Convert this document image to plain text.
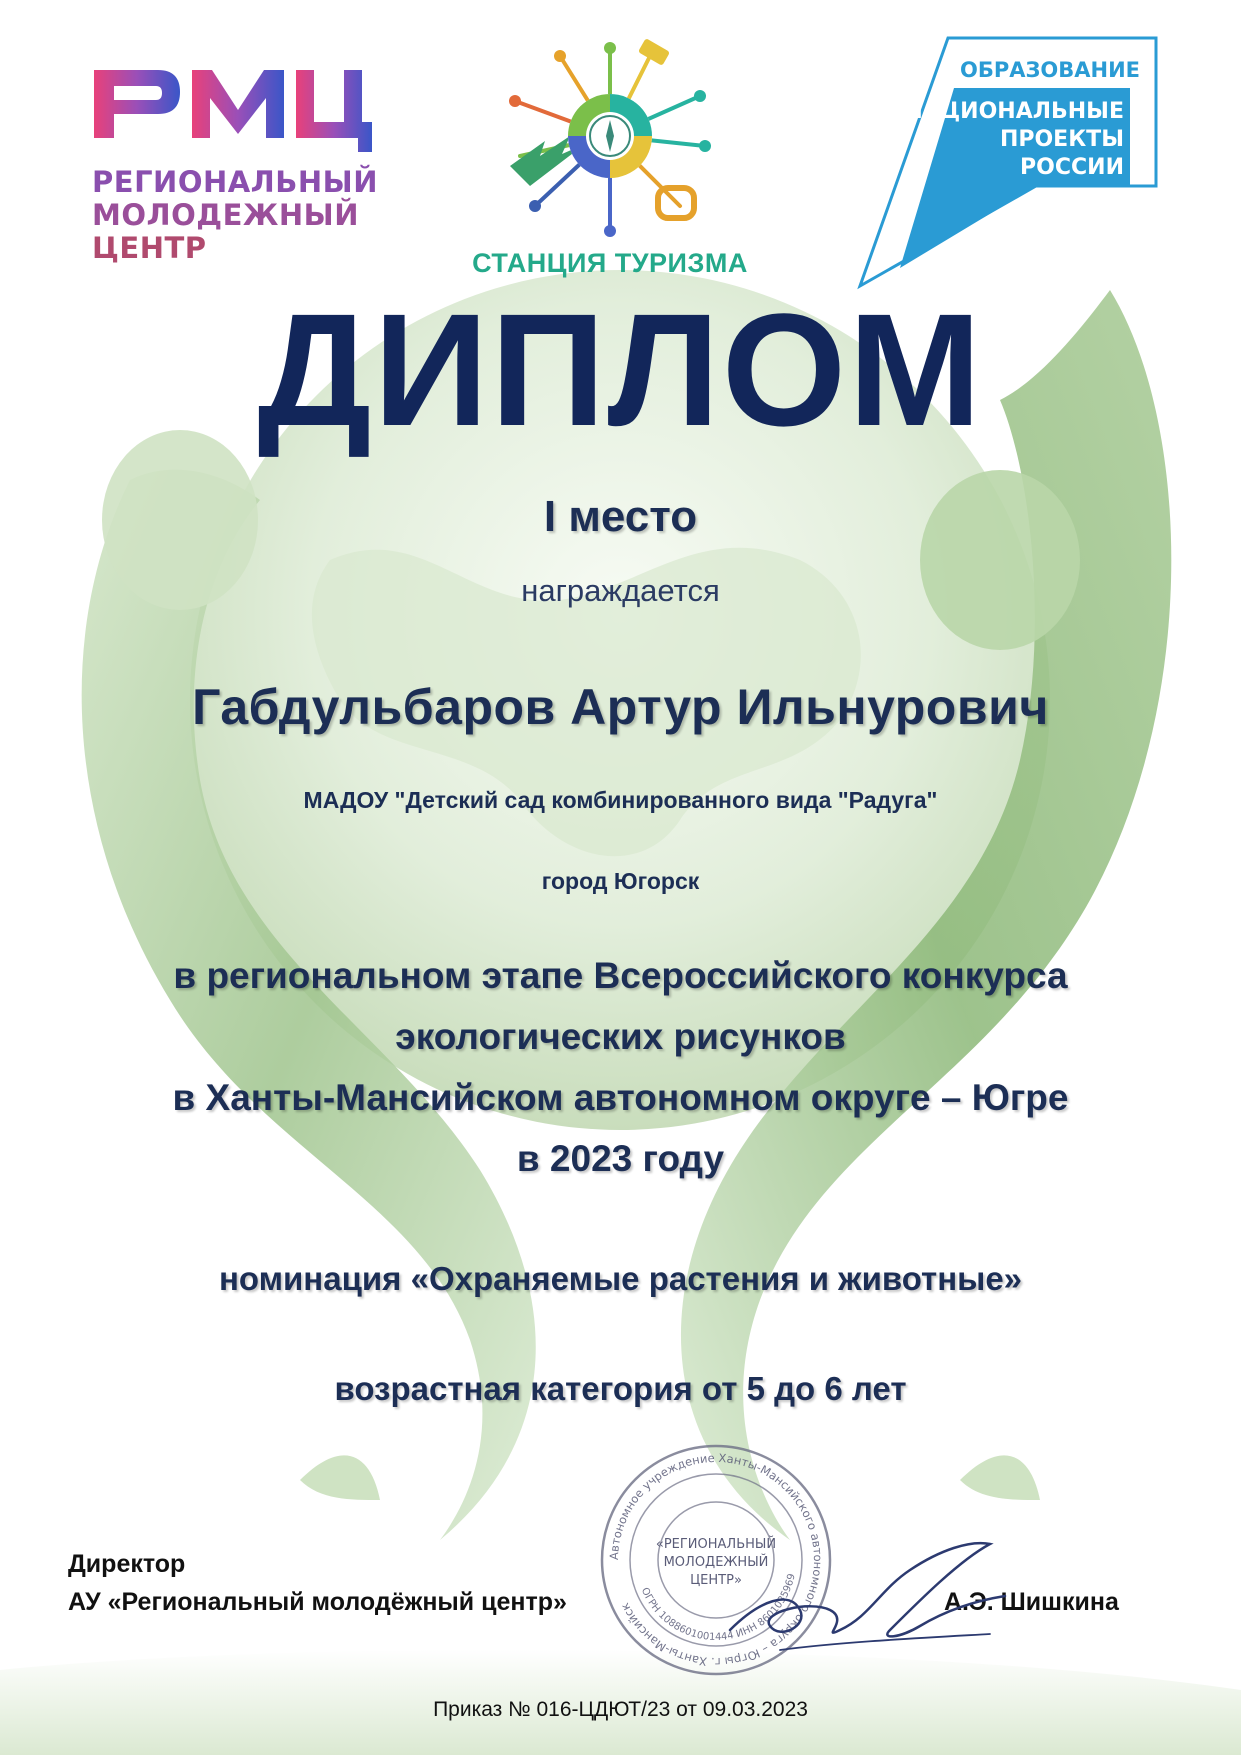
РЕГИОНАЛЬНЫЙ
МОЛОДЕЖНЫЙ
ЦЕНТР	СТАНЦИЯ ТУРИЗМА
НАЦИОНАЛЬНЫЕ
ПРОЕКТЫ
РОССИИ
ОБРАЗОВАНИЕ
ДИПЛОМ
I место
награждается
Габдульбаров Артур Ильнурович
МАДОУ "Детский сад комбинированного вида "Радуга"
город Югорск
в региональном этапе Всероссийского конкурса
экологических рисунков
в Ханты-Мансийском автономном округе – Югре
в 2023 году
номинация «Охраняемые растения и животные»
возрастная категория от 5 до 6 лет
Директор
АУ «Региональный молодёжный центр»	А.Э. Шишкина
Автономное учреждение Ханты-Мансийского автономного округа – Югры г. Ханты-Мансийск
ОГРН 1088601001444 ИНН 8601035969
«РЕГИОНАЛЬНЫЙ
МОЛОДЕЖНЫЙ
ЦЕНТР»
Приказ № 016-ЦДЮТ/23 от 09.03.2023
